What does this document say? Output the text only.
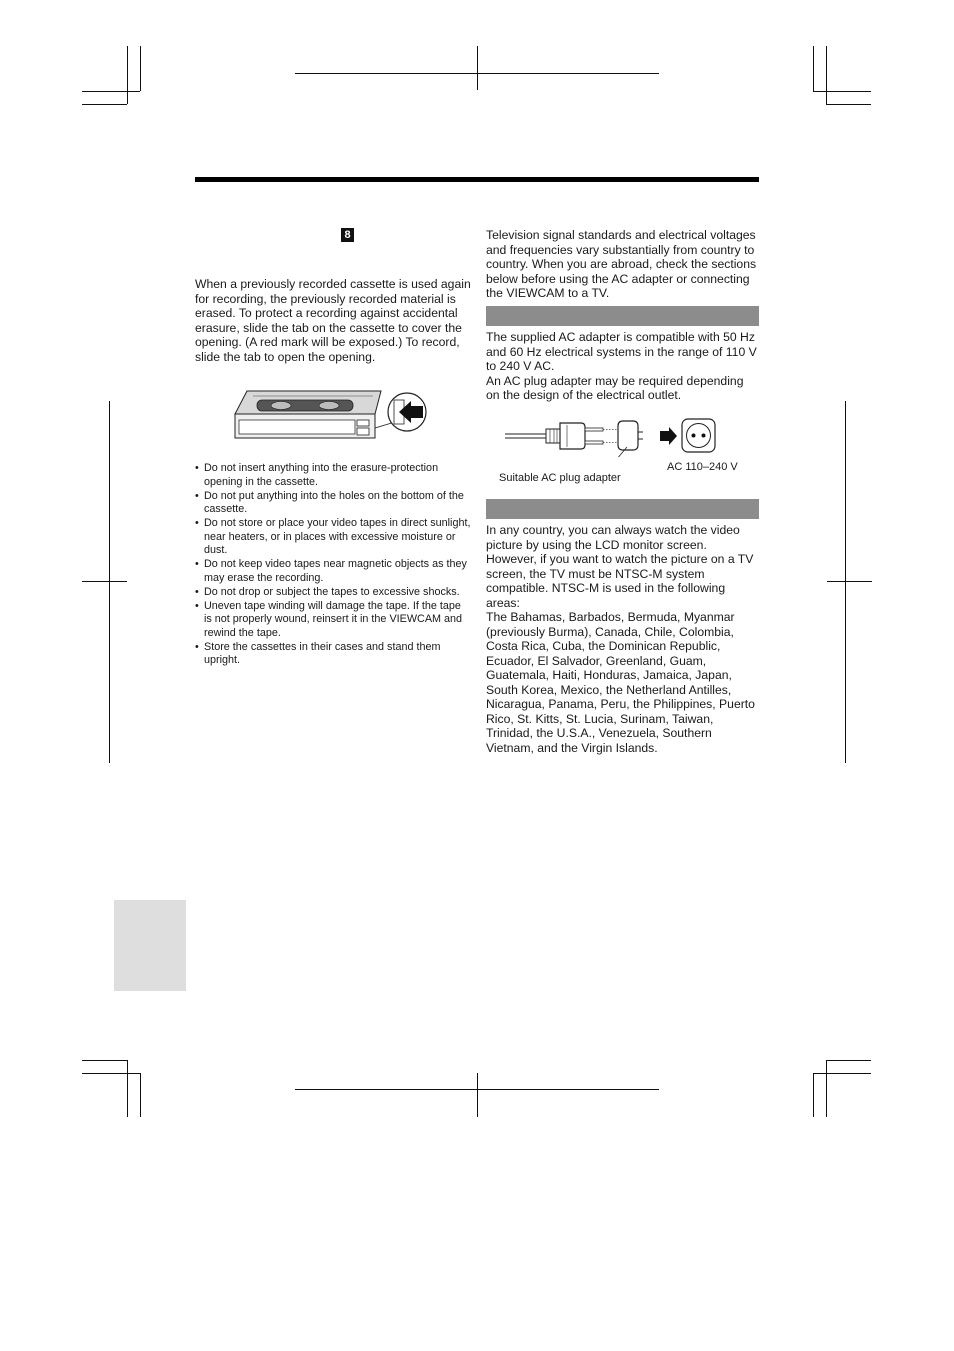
8

When a previously recorded cassette is used again for recording, the previously recorded material is erased. To protect a recording against accidental erasure, slide the tab on the cassette to cover the opening. (A red mark will be exposed.) To record, slide the tab to open the opening.

• Do not insert anything into the erasure-protection opening in the cassette.
• Do not put anything into the holes on the bottom of the cassette.
• Do not store or place your video tapes in direct sunlight, near heaters, or in places with excessive moisture or dust.
• Do not keep video tapes near magnetic objects as they may erase the recording.
• Do not drop or subject the tapes to excessive shocks.
• Uneven tape winding will damage the tape. If the tape is not properly wound, reinsert it in the VIEWCAM and rewind the tape.
• Store the cassettes in their cases and stand them upright.

Television signal standards and electrical voltages and frequencies vary substantially from country to country. When you are abroad, check the sections below before using the AC adapter or connecting the VIEWCAM to a TV.

The supplied AC adapter is compatible with 50 Hz and 60 Hz electrical systems in the range of 110 V to 240 V AC.
An AC plug adapter may be required depending on the design of the electrical outlet.

Suitable AC plug adapter
AC 110–240 V

In any country, you can always watch the video picture by using the LCD monitor screen. However, if you want to watch the picture on a TV screen, the TV must be NTSC-M system compatible. NTSC-M is used in the following areas:
The Bahamas, Barbados, Bermuda, Myanmar (previously Burma), Canada, Chile, Colombia, Costa Rica, Cuba, the Dominican Republic, Ecuador, El Salvador, Greenland, Guam, Guatemala, Haiti, Honduras, Jamaica, Japan, South Korea, Mexico, the Netherland Antilles, Nicaragua, Panama, Peru, the Philippines, Puerto Rico, St. Kitts, St. Lucia, Surinam, Taiwan, Trinidad, the U.S.A., Venezuela, Southern Vietnam, and the Virgin Islands.
